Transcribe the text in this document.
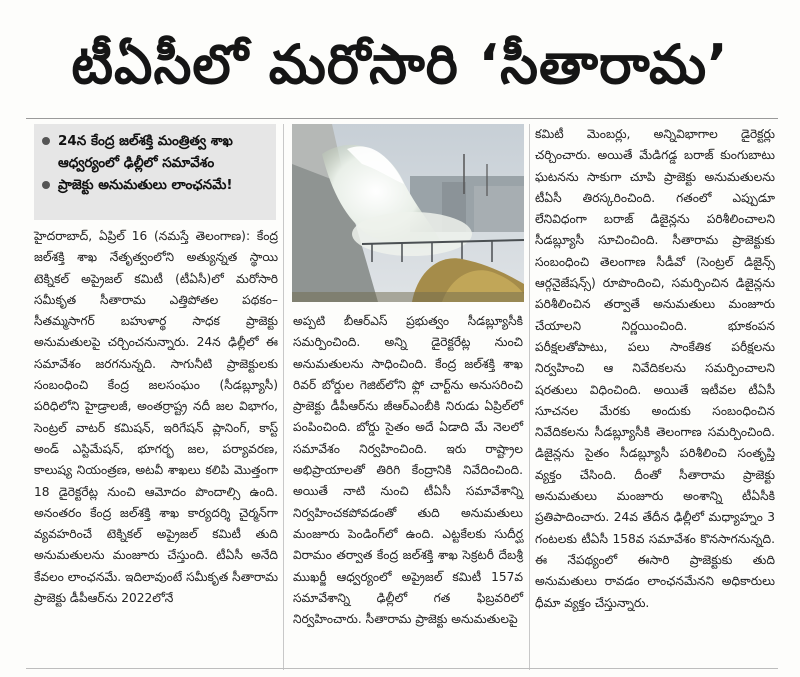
టీఏసీలో మరోసారి ‘సీతారామ’
24న కేంద్ర జల్‌శక్తి మంత్రిత్వ శాఖ ఆధ్వర్యంలో ఢిల్లీలో సమావేశం
ప్రాజెక్టు అనుమతులు లాంఛనమే!

హైదరాబాద్, ఏప్రిల్ 16 (నమస్తే తెలంగాణ): కేంద్ర జల్‌శక్తి శాఖ నేతృత్వంలోని అత్యున్నత స్థాయి టెక్నికల్ అప్రైజల్ కమిటీ (టీఏసీ)లో మరోసారి సమీకృత సీతారామ ఎత్తిపోతల పథకం– సీతమ్మసాగర్ బహుళార్థ సాధక ప్రాజెక్టు అనుమతులపై చర్చించనున్నారు. 24న ఢిల్లీలో ఈ సమావేశం జరగనున్నది. సాగునీటి ప్రాజెక్టులకు సంబంధించి కేంద్ర జలసంఘం (సీడబ్ల్యూసీ) పరిధిలోని హైడ్రాలజీ, అంతర్రాష్ట్ర నదీ జల విభాగం, సెంట్రల్ వాటర్ కమిషన్, ఇరిగేషన్ ప్లానింగ్, కాస్ట్ అండ్ ఎస్టిమేషన్, భూగర్భ జల, పర్యావరణ, కాలుష్య నియంత్రణ, అటవీ శాఖలు కలిపి మొత్తంగా 18 డైరెక్టరేట్ల నుంచి ఆమోదం పొందాల్సి ఉంది. అనంతరం కేంద్ర జల్‌శక్తి శాఖ కార్యదర్శి చైర్మన్‌గా వ్యవహరించే టెక్నికల్ అప్రైజల్ కమిటీ తుది అనుమతులను మంజూరు చేస్తుంది. టీఏసీ అనేది కేవలం లాంఛనమే. ఇదిలావుంటే సమీకృత సీతారామ ప్రాజెక్టు డీపీఆర్‌ను 2022లోనే

అప్పటి బీఆర్‌ఎస్ ప్రభుత్వం సీడబ్ల్యూసీకి సమర్పించింది. అన్ని డైరెక్టరేట్ల నుంచి అనుమతులను సాధించింది. కేంద్ర జల్‌శక్తి శాఖ రివర్ బోర్డుల గెజిట్‌లోని ఫ్లో చార్ట్‌ను అనుసరించి ప్రాజెక్టు డీపీఆర్‌ను జీఆర్‌ఎంబీకి నిరుడు ఏప్రిల్‌లో పంపించింది. బోర్డు సైతం అదే ఏడాది మే నెలలో సమావేశం నిర్వహించింది. ఇరు రాష్ట్రాల అభిప్రాయాలతో తిరిగి కేంద్రానికి నివేదించింది. అయితే నాటి నుంచి టీఏసీ సమావేశాన్ని నిర్వహించకపోవడంతో తుది అనుమతులు మంజూరు పెండింగ్‌లో ఉంది. ఎట్టకేలకు సుదీర్ఘ విరామం తర్వాత కేంద్ర జల్‌శక్తి శాఖ సెక్రటరీ దేబశ్రీ ముఖర్జీ ఆధ్వర్యంలో అప్రైజల్ కమిటీ 157వ సమావేశాన్ని ఢిల్లీలో గత ఫిబ్రవరిలో నిర్వహించారు. సీతారామ ప్రాజెక్టు అనుమతులపై

కమిటీ మెంబర్లు, అన్నివిభాగాల డైరెక్టర్లు చర్చించారు. అయితే మేడిగడ్డ బరాజ్ కుంగుబాటు ఘటనను సాకుగా చూపి ప్రాజెక్టు అనుమతులను టీఏసీ తిరస్కరించింది. గతంలో ఎప్పుడూ లేనివిధంగా బరాజ్ డిజైన్లను పరిశీలించాలని సీడబ్ల్యూసీ సూచించింది. సీతారామ ప్రాజెక్టుకు సంబంధించి తెలంగాణ సీడీవో (సెంట్రల్ డిజైన్స్ ఆర్గనైజేషన్స్) రూపొందించి, సమర్పించిన డిజైన్లను పరిశీలించిన తర్వాతే అనుమతులు మంజూరు చేయాలని నిర్ణయించింది. భూకంపన పరీక్షలతోపాటు, పలు సాంకేతిక పరీక్షలను నిర్వహించి ఆ నివేదికలను సమర్పించాలని షరతులు విధించింది. అయితే ఇటీవల టీఏసీ సూచనల మేరకు అందుకు సంబంధించిన నివేదికలను సీడబ్ల్యూసీకి తెలంగాణ సమర్పించింది. డిజైన్లను సైతం సీడబ్ల్యూసీ పరిశీలించి సంతృప్తి వ్యక్తం చేసింది. దీంతో సీతారామ ప్రాజెక్టు అనుమతులు మంజూరు అంశాన్ని టీఏసీకి ప్రతిపాదించారు. 24వ తేదీన ఢిల్లీలో మధ్యాహ్నం 3 గంటలకు టీఏసీ 158వ సమావేశం కొనసాగనున్నది. ఈ నేపథ్యంలో ఈసారి ప్రాజెక్టుకు తుది అనుమతులు రావడం లాంఛనమేనని అధికారులు ధీమా వ్యక్తం చేస్తున్నారు.
